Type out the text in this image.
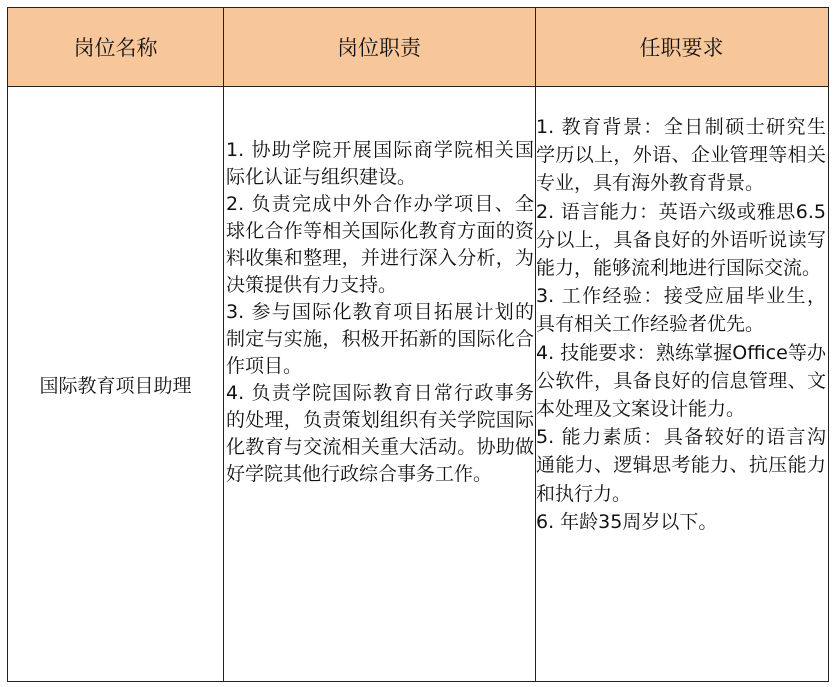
岗位名称	岗位职责	任职要求
国际教育项目助理

1. 协助学院开展国际商学院相关国际化认证与组织建设。

2. 负责完成中外合作办学项目、全球化合作等相关国际化教育方面的资料收集和整理，并进行深入分析，为决策提供有力支持。

3. 参与国际化教育项目拓展计划的制定与实施，积极开拓新的国际化合作项目。

4. 负责学院国际教育日常行政事务的处理，负责策划组织有关学院国际化教育与交流相关重大活动。协助做好学院其他行政综合事务工作。

1. 教育背景：全日制硕士研究生学历以上，外语、企业管理等相关专业，具有海外教育背景。

2. 语言能力：英语六级或雅思6.5分以上，具备良好的外语听说读写能力，能够流利地进行国际交流。

3. 工作经验：接受应届毕业生，具有相关工作经验者优先。

4. 技能要求：熟练掌握Office等办公软件，具备良好的信息管理、文本处理及文案设计能力。

5. 能力素质：具备较好的语言沟通能力、逻辑思考能力、抗压能力和执行力。

6. 年龄35周岁以下。
